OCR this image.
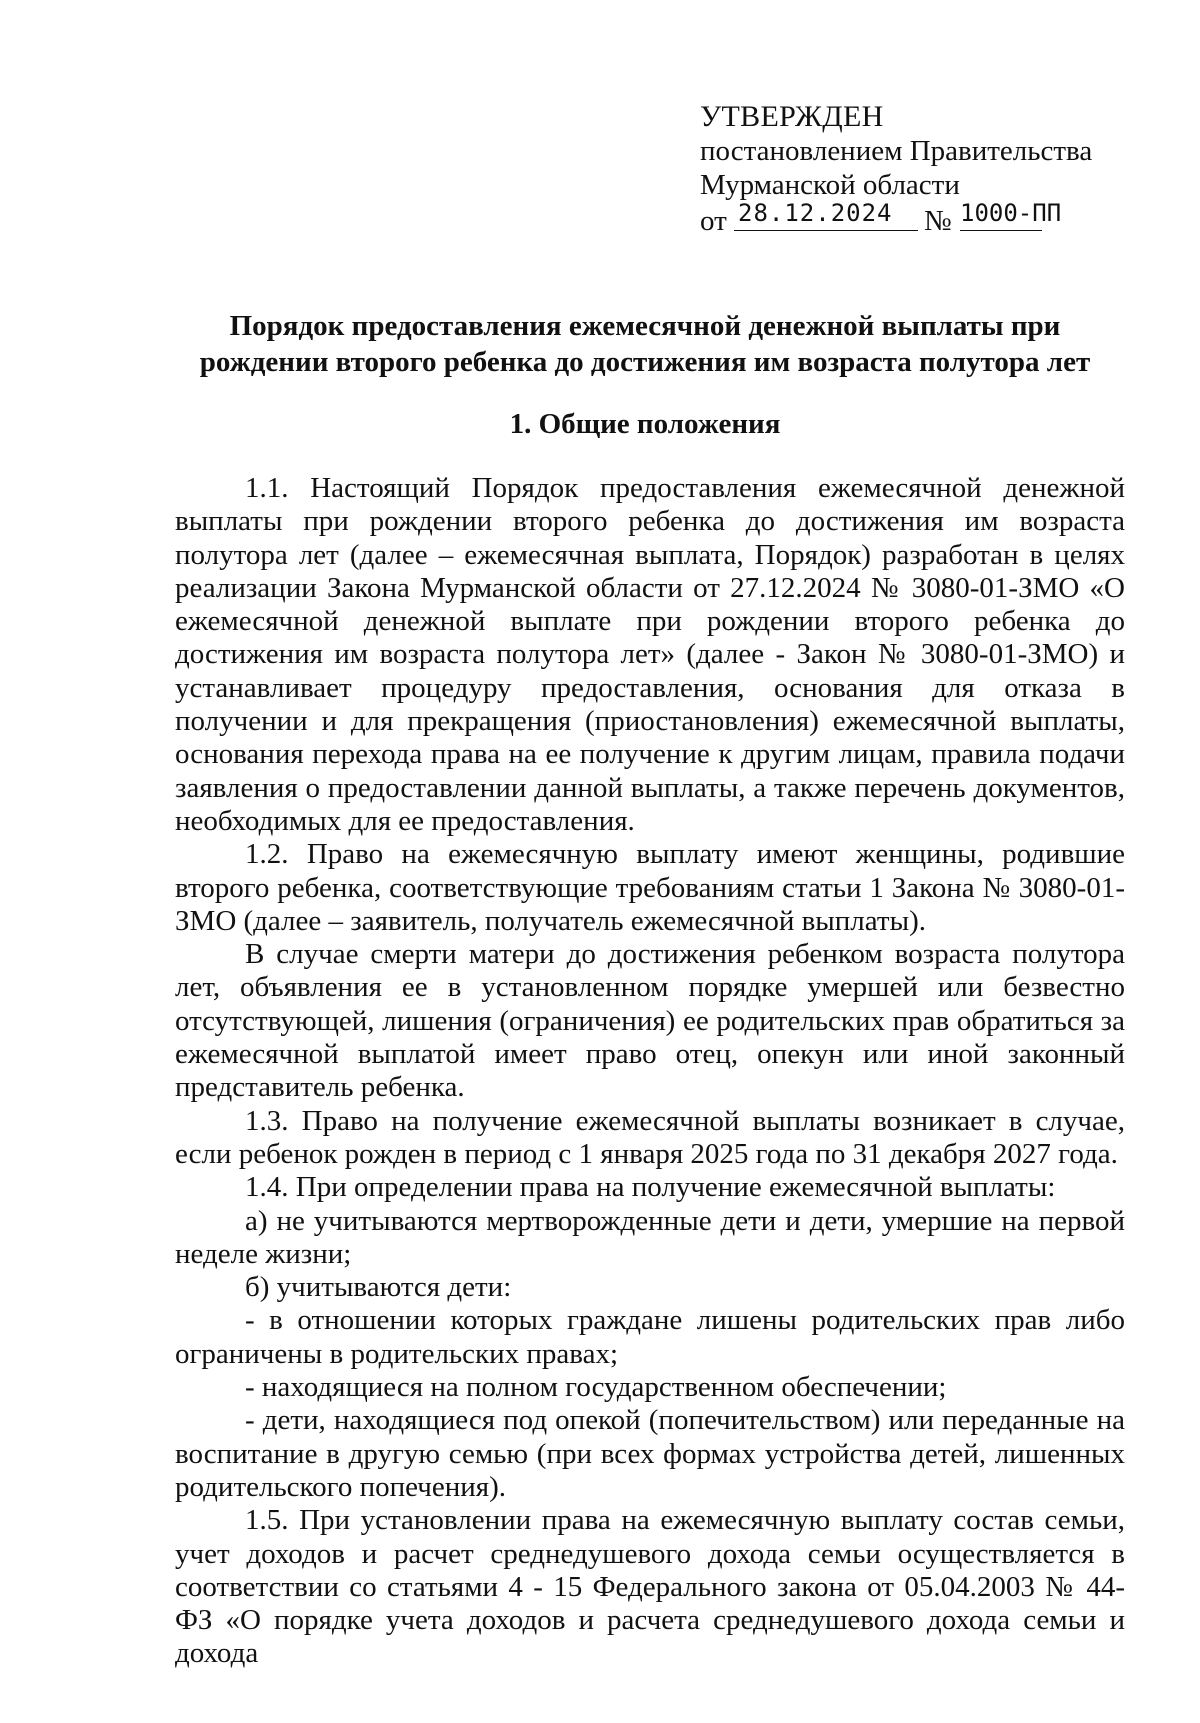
УТВЕРЖДЕН
постановлением Правительства
Мурманской области
от 28.12.2024	№ 1000-ПП
Порядок предоставления ежемесячной денежной выплаты при
рождении второго ребенка до достижения им возраста полутора лет
1. Общие положения

1.1. Настоящий Порядок предоставления ежемесячной денежной выплаты при рождении второго ребенка до достижения им возраста полутора лет (далее – ежемесячная выплата, Порядок) разработан в целях реализации Закона Мурманской области от 27.12.2024 № 3080-01-ЗМО «О ежемесячной денежной выплате при рождении второго ребенка до достижения им возраста полутора лет» (далее - Закон № 3080-01-ЗМО) и устанавливает процедуру предоставления, основания для отказа в получении и для прекращения (приостановления) ежемесячной выплаты, основания перехода права на ее получение к другим лицам, правила подачи заявления о предоставлении данной выплаты, а также перечень документов, необходимых для ее предоставления.

1.2. Право на ежемесячную выплату имеют женщины, родившие второго ребенка, соответствующие требованиям статьи 1 Закона № 3080-01-ЗМО (далее – заявитель, получатель ежемесячной выплаты).

В случае смерти матери до достижения ребенком возраста полутора лет, объявления ее в установленном порядке умершей или безвестно отсутствующей, лишения (ограничения) ее родительских прав обратиться за ежемесячной выплатой имеет право отец, опекун или иной законный представитель ребенка.

1.3. Право на получение ежемесячной выплаты возникает в случае, если ребенок рожден в период с 1 января 2025 года по 31 декабря 2027 года.

1.4. При определении права на получение ежемесячной выплаты:

а) не учитываются мертворожденные дети и дети, умершие на первой неделе жизни;

б) учитываются дети:

- в отношении которых граждане лишены родительских прав либо ограничены в родительских правах;

- находящиеся на полном государственном обеспечении;

- дети, находящиеся под опекой (попечительством) или переданные на воспитание в другую семью (при всех формах устройства детей, лишенных родительского попечения).

1.5. При установлении права на ежемесячную выплату состав семьи, учет доходов и расчет среднедушевого дохода семьи осуществляется в соответствии со статьями 4 - 15 Федерального закона от 05.04.2003 № 44-ФЗ «О порядке учета доходов и расчета среднедушевого дохода семьи и дохода
